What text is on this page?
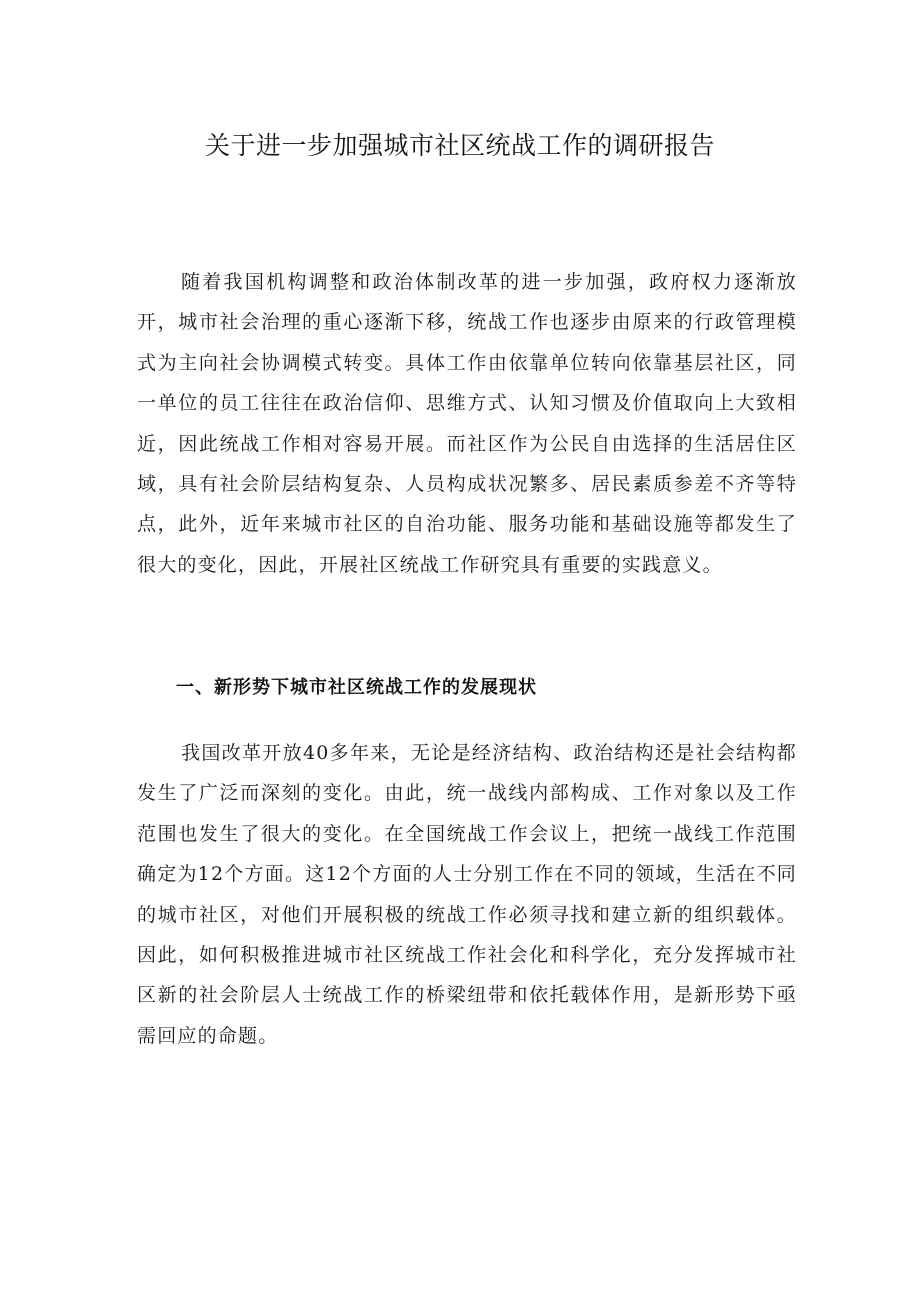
关于进一步加强城市社区统战工作的调研报告

随着我国机构调整和政治体制改革的进一步加强，政府权力逐渐放开，城市社会治理的重心逐渐下移，统战工作也逐步由原来的行政管理模式为主向社会协调模式转变。具体工作由依靠单位转向依靠基层社区，同一单位的员工往往在政治信仰、思维方式、认知习惯及价值取向上大致相近，因此统战工作相对容易开展。而社区作为公民自由选择的生活居住区域，具有社会阶层结构复杂、人员构成状况繁多、居民素质参差不齐等特点，此外，近年来城市社区的自治功能、服务功能和基础设施等都发生了很大的变化，因此，开展社区统战工作研究具有重要的实践意义。

一、新形势下城市社区统战工作的发展现状

我国改革开放40多年来，无论是经济结构、政治结构还是社会结构都发生了广泛而深刻的变化。由此，统一战线内部构成、工作对象以及工作范围也发生了很大的变化。在全国统战工作会议上，把统一战线工作范围确定为12个方面。这12个方面的人士分别工作在不同的领域，生活在不同的城市社区，对他们开展积极的统战工作必须寻找和建立新的组织载体。因此，如何积极推进城市社区统战工作社会化和科学化，充分发挥城市社区新的社会阶层人士统战工作的桥梁纽带和依托载体作用，是新形势下亟需回应的命题。
